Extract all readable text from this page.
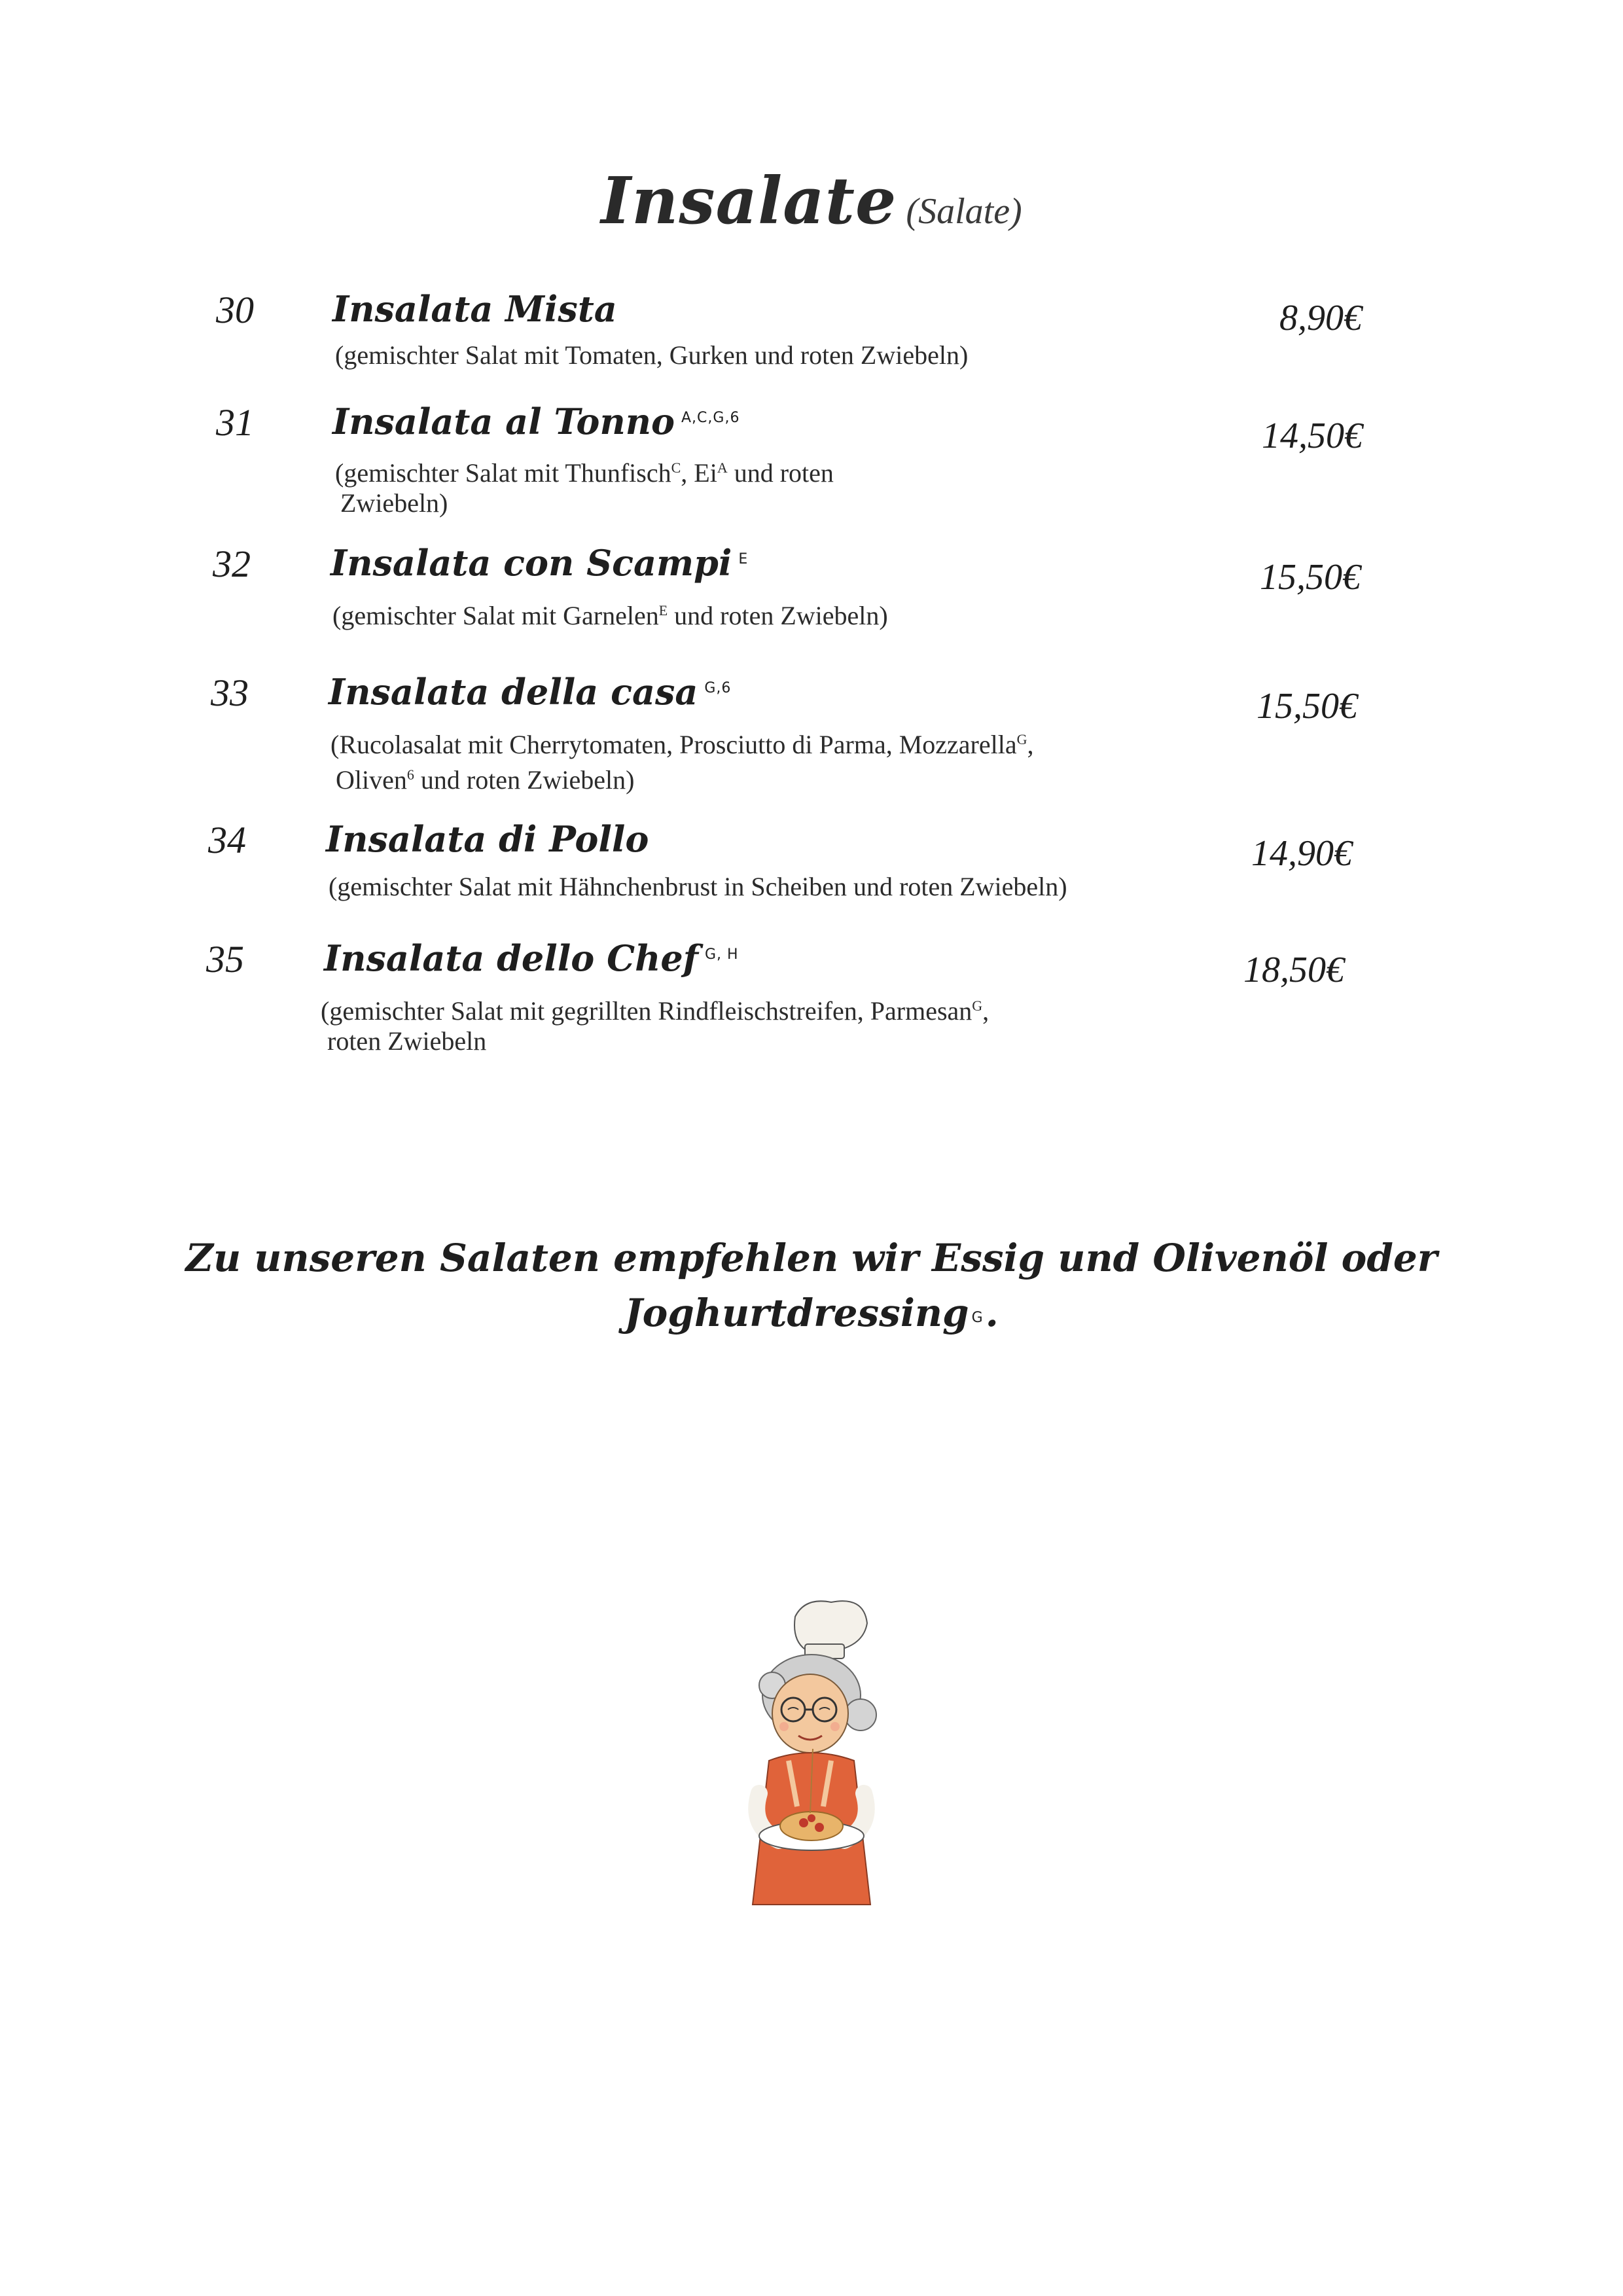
Insalate (Salate)
30 Insalata Mista
(gemischter Salat mit Tomaten, Gurken und roten Zwiebeln)
8,90€
31 Insalata al Tonno $^{A,C,G,6}$
(gemischter Salat mit Thunfisch$^C$, $Ei^A$ und roten
Zwiebeln)
14,50€
32 Insalata con Scampi $^E$
(gemischter Salat mit Garnelen$^E$ und roten Zwiebeln)
15,50€
33 Insalata della casa $^{G,6}$
(Rucolasalat mit Cherrytomaten, Prosciutto di Parma, Mozzarella$^G$,
Oliven$^6$ und roten Zwiebeln)
15,50€
34 Insalata di Pollo
(gemischter Salat mit Hähnchenbrust in Scheiben und roten Zwiebeln)
14,90€
35 Insalata dello Chef $^{G, H}$
(gemischter Salat mit gegrillten Rindfleischstreifen, Parmesan$^G$,
roten Zwiebeln
18,50€
Zu unseren Salaten empfehlen wir Essig und Olivenöl oder
Joghurtdressing $^G$.
